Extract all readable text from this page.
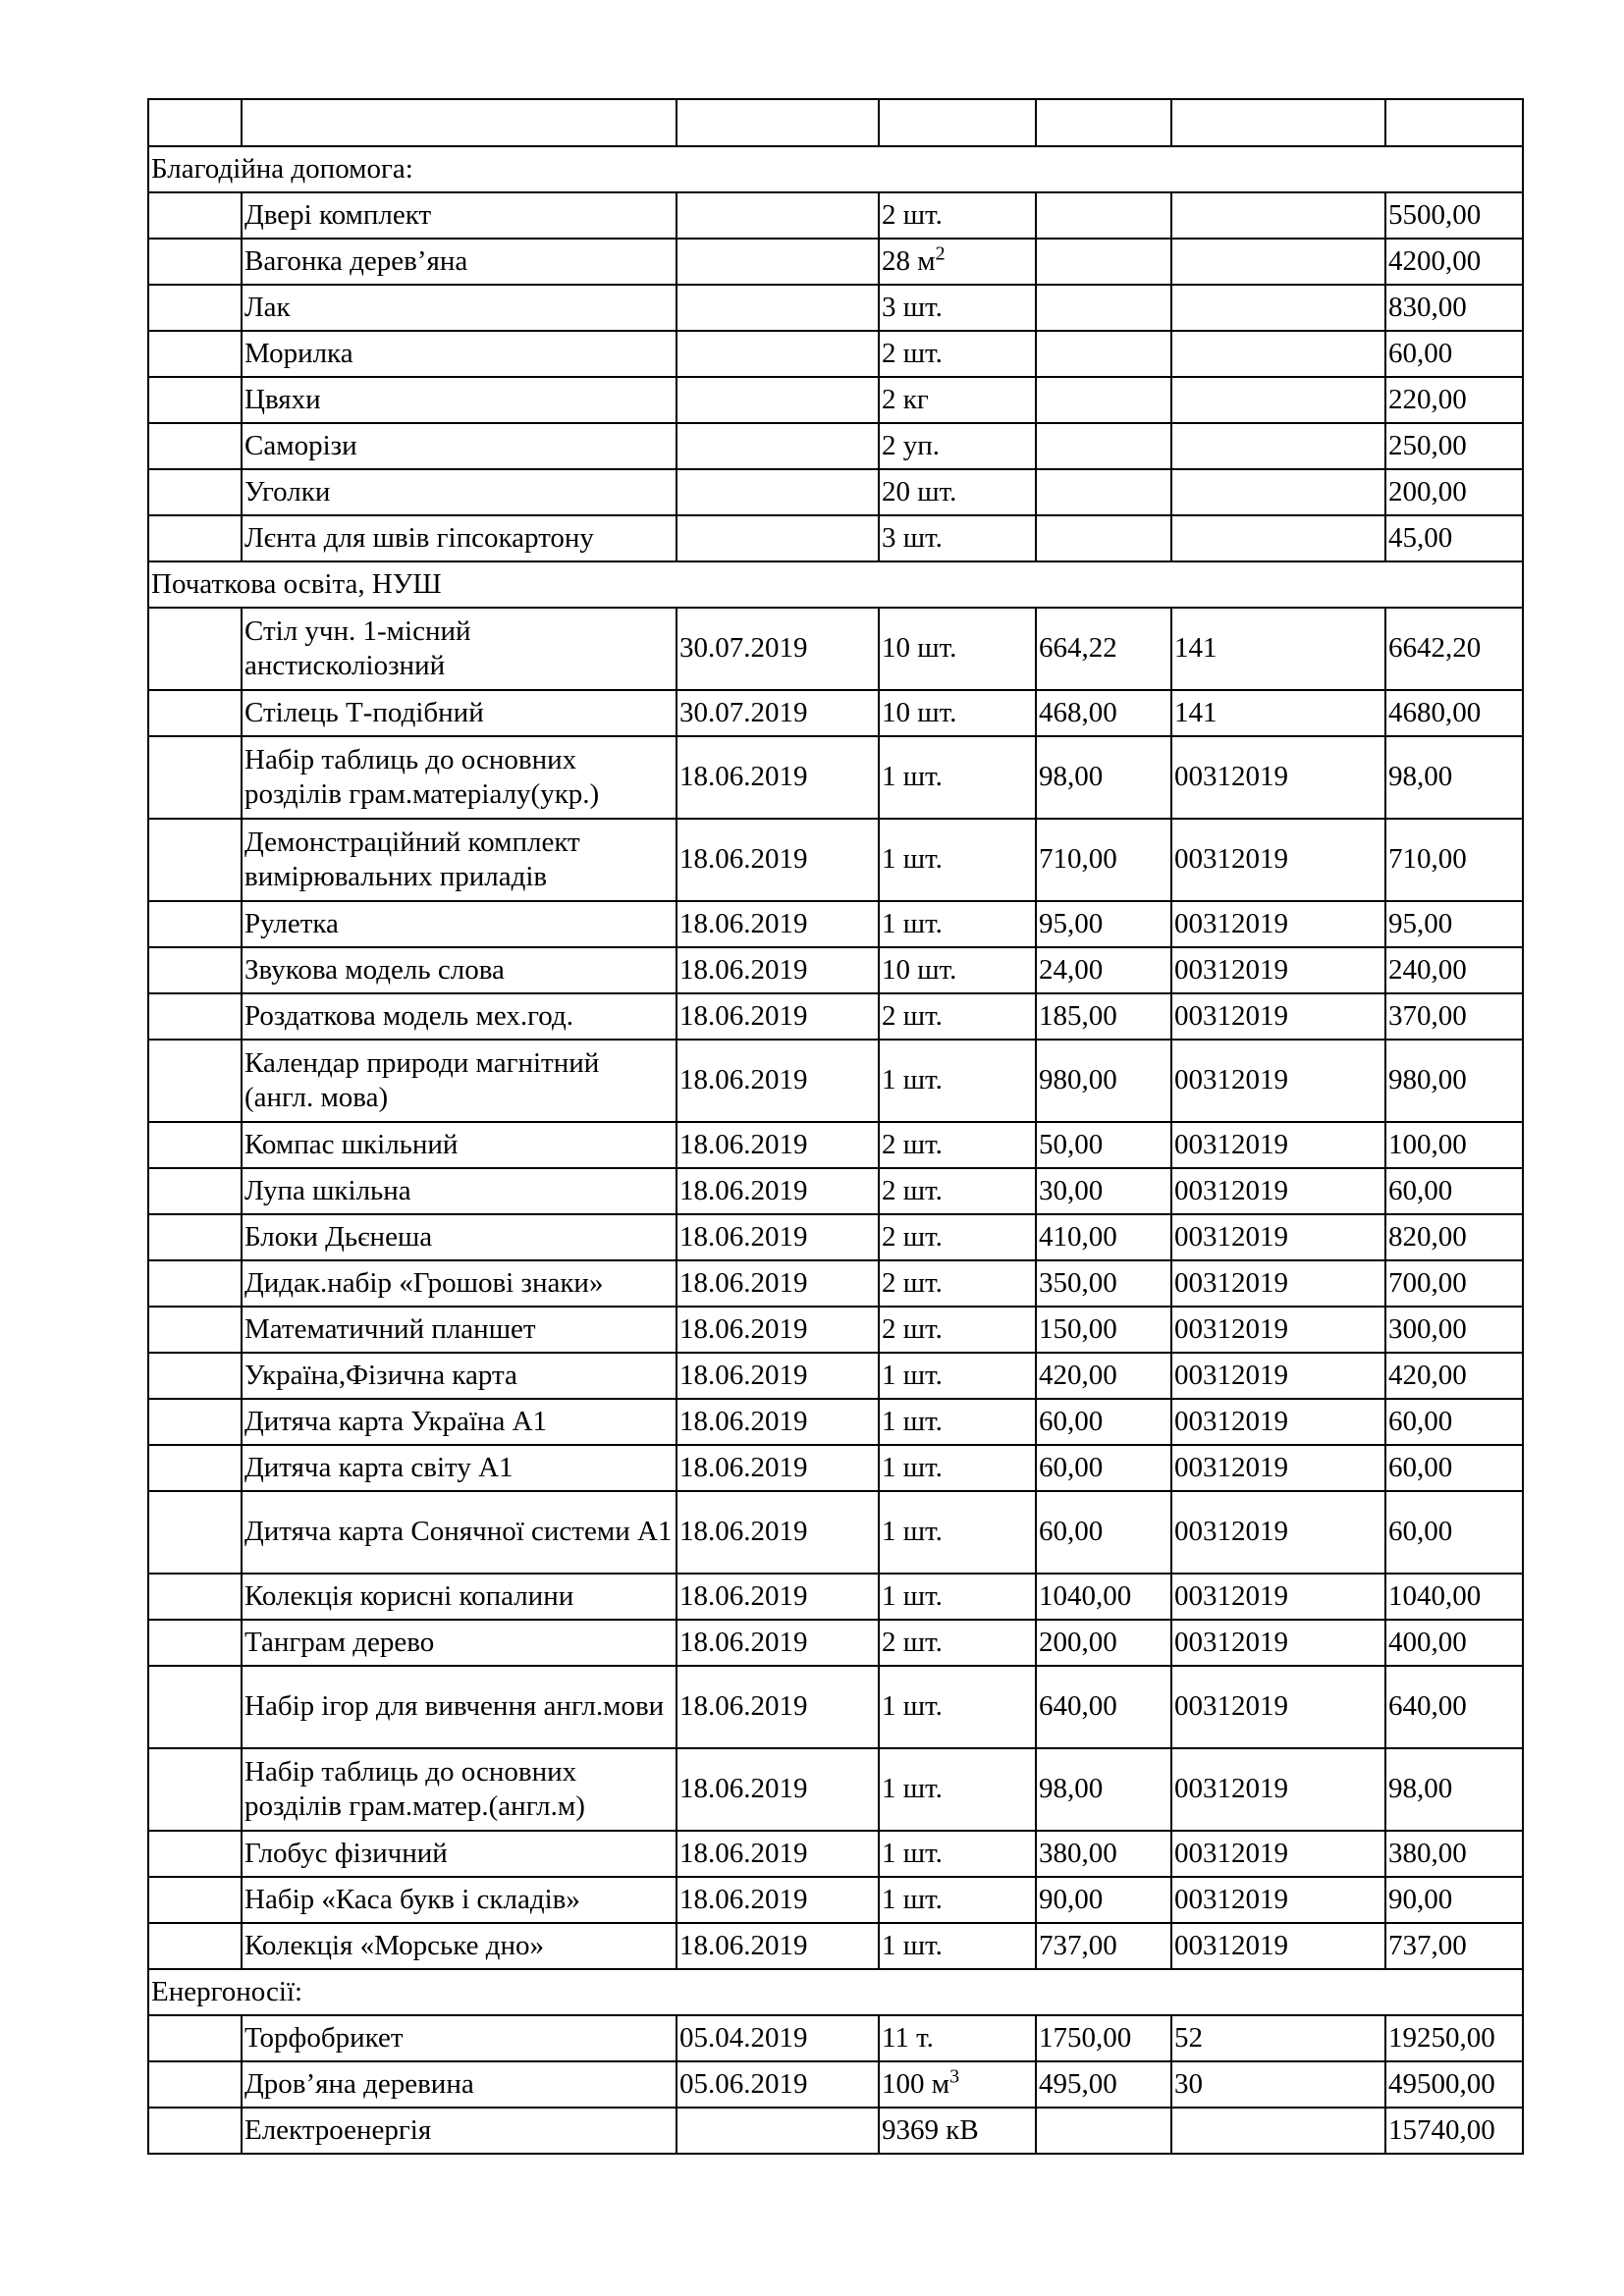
Благодійна допомога:						
	Двері комплект		2 шт.			5500,00
	Вагонка дерев’яна		28 $м^2$			4200,00
	Лак		3 шт.			830,00
	Морилка		2 шт.			60,00
	Цвяхи		2 кг			220,00
	Саморізи		2 уп.			250,00
	Уголки		20 шт.			200,00
	Лєнта для швів гіпсокартону		3 шт.			45,00
Початкова освіта, НУШ						
	Стіл учн. 1-місний анстисколіозний	30.07.2019	10 шт.	664,22	141	6642,20
	Стілець Т-подібний	30.07.2019	10 шт.	468,00	141	4680,00
	Набір таблиць до основних розділів грам.матеріалу(укр.)	18.06.2019	1 шт.	98,00	00312019	98,00
	Демонстраційний комплект вимірювальних приладів	18.06.2019	1 шт.	710,00	00312019	710,00
	Рулетка	18.06.2019	1 шт.	95,00	00312019	95,00
	Звукова модель слова	18.06.2019	10 шт.	24,00	00312019	240,00
	Роздаткова модель мех.год.	18.06.2019	2 шт.	185,00	00312019	370,00
	Календар природи магнітний (англ. мова)	18.06.2019	1 шт.	980,00	00312019	980,00
	Компас шкільний	18.06.2019	2 шт.	50,00	00312019	100,00
	Лупа шкільна	18.06.2019	2 шт.	30,00	00312019	60,00
	Блоки Дьєнеша	18.06.2019	2 шт.	410,00	00312019	820,00
	Дидак.набір «Грошові знаки»	18.06.2019	2 шт.	350,00	00312019	700,00
	Математичний планшет	18.06.2019	2 шт.	150,00	00312019	300,00
	Україна,Фізична карта	18.06.2019	1 шт.	420,00	00312019	420,00
	Дитяча карта Україна А1	18.06.2019	1 шт.	60,00	00312019	60,00
	Дитяча карта світу А1	18.06.2019	1 шт.	60,00	00312019	60,00
	Дитяча карта Сонячної системи А1	18.06.2019	1 шт.	60,00	00312019	60,00
	Колекція корисні копалини	18.06.2019	1 шт.	1040,00	00312019	1040,00
	Танграм дерево	18.06.2019	2 шт.	200,00	00312019	400,00
	Набір ігор для вивчення англ.мови	18.06.2019	1 шт.	640,00	00312019	640,00
	Набір таблиць до основних розділів грам.матер.(англ.м)	18.06.2019	1 шт.	98,00	00312019	98,00
	Глобус фізичний	18.06.2019	1 шт.	380,00	00312019	380,00
	Набір «Каса букв і складів»	18.06.2019	1 шт.	90,00	00312019	90,00
	Колекція «Морське дно»	18.06.2019	1 шт.	737,00	00312019	737,00
Енергоносії:						
	Торфобрикет	05.04.2019	11 т.	1750,00	52	19250,00
	Дров’яна деревина	05.06.2019	100 $м^3$	495,00	30	49500,00
	Електроенергія		9369 кВ			15740,00
